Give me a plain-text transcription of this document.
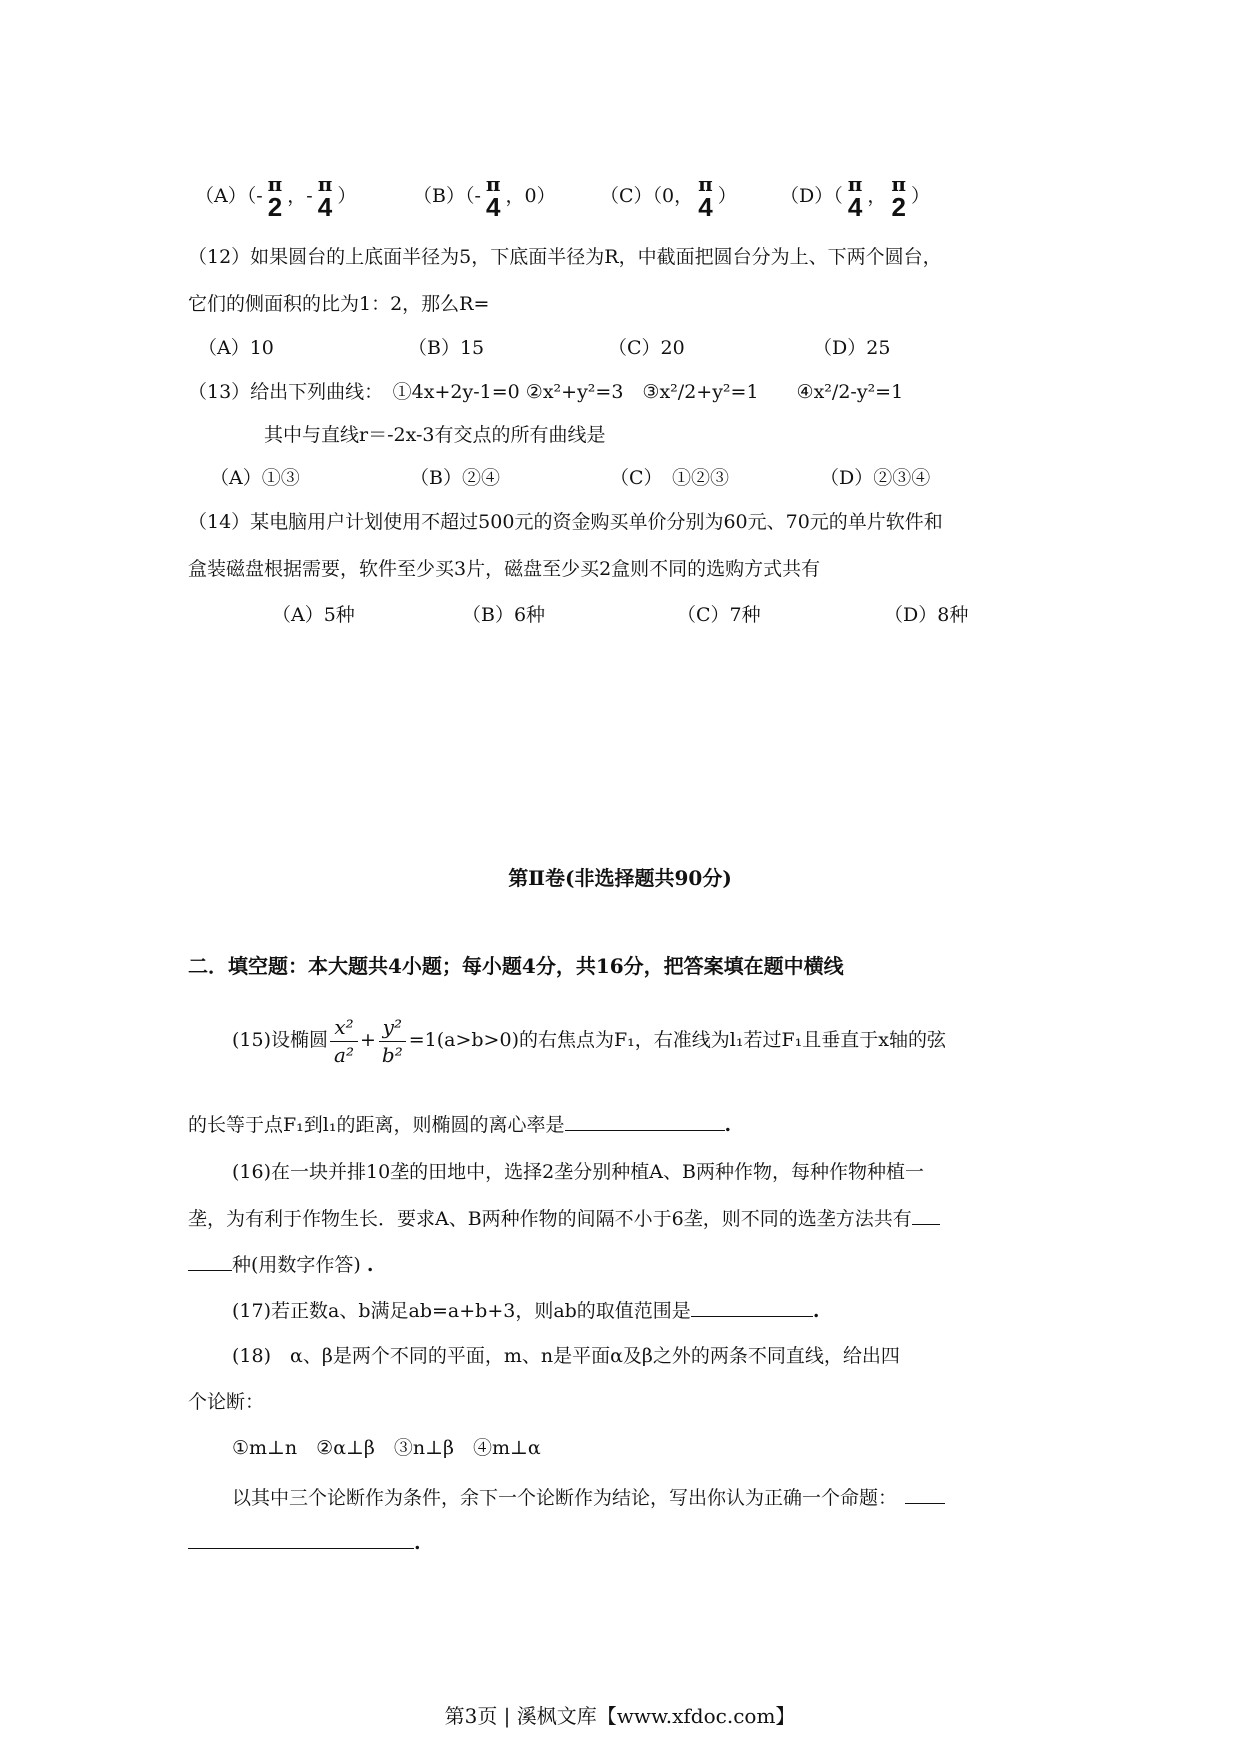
（A）（- π
2 ，- π
4 ）	（B）（- π
4 ，0） （C）（0， π
4 ） （D）（ π
4 ， π
2 ）
（12）如果圆台的上底面半径为5，下底面半径为R，中截面把圆台分为上、下两个圆台，
它们的侧面积的比为1：2，那么R=
（A）10	（B）15	（C）20	（D）25
（13）给出下列曲线：　①4x+2y-1=0 ②x²+y²=3　③x²/2+y²=1　　④x²/2-y²=1
其中与直线r＝-2x-3有交点的所有曲线是
（A）①③	（B）②④	（C）　①②③	（D）②③④
（14）某电脑用户计划使用不超过500元的资金购买单价分别为60元、70元的单片软件和
盒装磁盘根据需要，软件至少买3片，磁盘至少买2盒则不同的选购方式共有
（A）5种	（B）6种	（C）7种	（D）8种
第Ⅱ卷(非选择题共90分)
二．填空题：本大题共4小题；每小题4分，共16分，把答案填在题中横线
(15)设椭圆 $\frac{\text{x²}}{\text{a²}} + \frac{\text{y²}}{\text{b²}} =1(a>b>0)$的右焦点为F₁，右准线为l₁若过F₁且垂直于x轴的弦
的长等于点F₁到l₁的距离，则椭圆的离心率是	.
(16)在一块并排10垄的田地中，选择2垄分别种植A、B两种作物，每种作物种植一
垄，为有利于作物生长．要求A、B两种作物的间隔不小于6垄，则不同的选垄方法共有
种(用数字作答) .
(17)若正数a、b满足ab=a+b+3，则ab的取值范围是	.
(18)　α、β是两个不同的平面，m、n是平面α及β之外的两条不同直线，给出四
个论断：
①m⊥n　②α⊥β　③n⊥β　④m⊥α
以其中三个论断作为条件，余下一个论断作为结论，写出你认为正确一个命题：
.
第3页 | 溪枫文库【www.xfdoc.com】
